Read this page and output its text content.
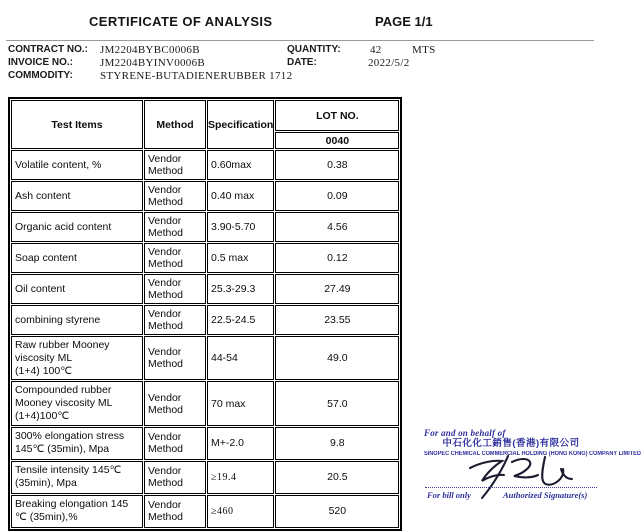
CERTIFICATE OF ANALYSIS	PAGE 1/1
CONTRACT NO.: JM2204BYBC0006B
INVOICE NO.: JM2204BYINV0006B
COMMODITY: STYRENE-BUTADIENERUBBER 1712
QUANTITY:	42	MTS
DATE:	2022/5/2
Test Items	Method	Specification	LOT NO.
			0040
Volatile content, %	Vendor Method	0.60max	0.38
Ash content	Vendor Method	0.40 max	0.09
Organic acid content	Vendor Method	3.90-5.70	4.56
Soap content	Vendor Method	0.5 max	0.12
Oil content	Vendor Method	25.3-29.3	27.49
combining styrene	Vendor Method	22.5-24.5	23.55
Raw rubber Mooney
viscosity ML
(1+4) 100℃	Vendor Method	44-54	49.0
Compounded rubber
Mooney viscosity ML
(1+4)100℃	Vendor Method	70 max	57.0
300% elongation stress
145℃ (35min), Mpa	Vendor Method	M+-2.0	9.8
Tensile intensity 145℃
(35min), Mpa	Vendor Method	≥19.4	20.5
Breaking elongation 145
℃ (35min),%	Vendor Method	≥460	520
For and on behalf of
中石化化工銷售(香港)有限公司
SINOPEC CHEMICAL COMMERCIAL HOLDING (HONG KONG) COMPANY LIMITED
For bill only	Authorized Signature(s)
